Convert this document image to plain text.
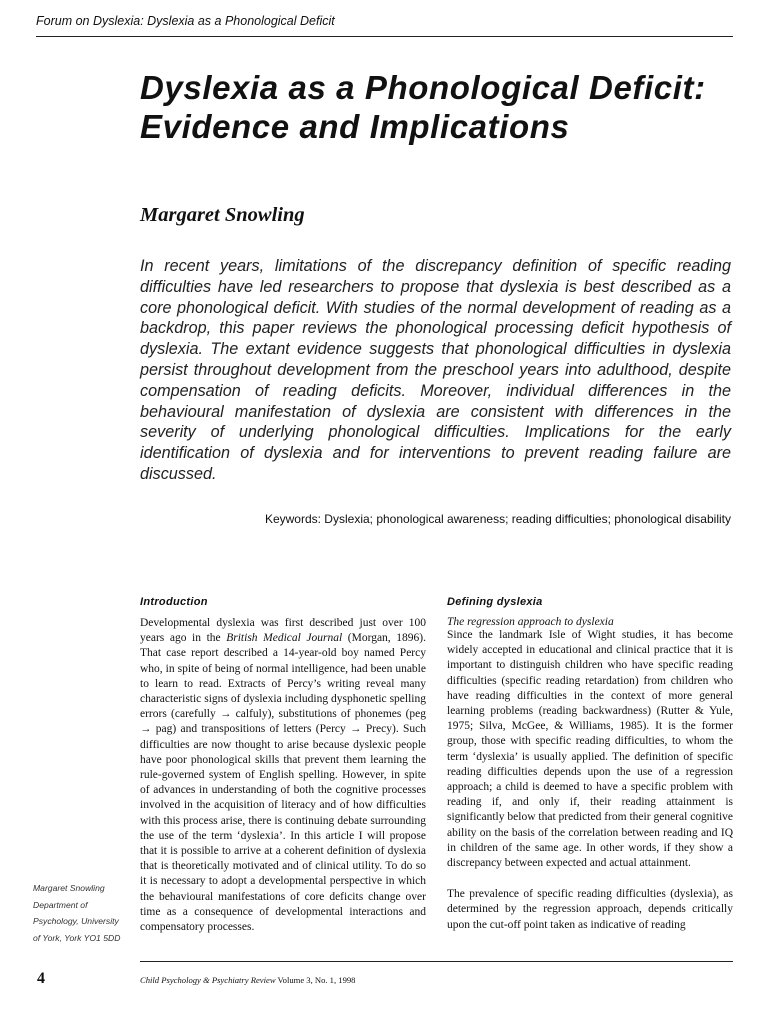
Forum on Dyslexia: Dyslexia as a Phonological Deficit
Dyslexia as a Phonological Deficit: Evidence and Implications
Margaret Snowling

In recent years, limitations of the discrepancy definition of specific reading difficulties have led researchers to propose that dyslexia is best described as a core phonological deficit. With studies of the normal development of reading as a backdrop, this paper reviews the phonological processing deficit hypothesis of dyslexia. The extant evidence suggests that phonological difficulties in dyslexia persist throughout development from the preschool years into adulthood, despite compensation of reading deficits. Moreover, individual differences in the behavioural manifestation of dyslexia are consistent with differences in the severity of underlying phonological difficulties. Implications for the early identification of dyslexia and for interventions to prevent reading failure are discussed.

Keywords: Dyslexia; phonological awareness; reading difficulties; phonological disability

Introduction

Developmental dyslexia was first described just over 100 years ago in the British Medical Journal (Morgan, 1896). That case report described a 14-year-old boy named Percy who, in spite of being of normal intelligence, had been unable to learn to read. Extracts of Percy’s writing reveal many characteristic signs of dyslexia including dysphonetic spelling errors (carefully → calfuly), substitutions of phonemes (peg → pag) and transpositions of letters (Percy → Precy). Such difficulties are now thought to arise because dyslexic people have poor phonological skills that prevent them learning the rule-governed system of English spelling. However, in spite of advances in understanding of both the cognitive processes involved in the acquisition of literacy and of how difficulties with this process arise, there is continuing debate surrounding the use of the term ‘dyslexia’. In this article I will propose that it is possible to arrive at a coherent definition of dyslexia that is theoretically motivated and of clinical utility. To do so it is necessary to adopt a developmental perspective in which the behavioural manifestations of core deficits change over time as a consequence of developmental interactions and compensatory processes.

Defining dyslexia

The regression approach to dyslexia

Since the landmark Isle of Wight studies, it has become widely accepted in educational and clinical practice that it is important to distinguish children who have specific reading difficulties (specific reading retardation) from children who have reading difficulties in the context of more general learning problems (reading backwardness) (Rutter & Yule, 1975; Silva, McGee, & Williams, 1985). It is the former group, those with specific reading difficulties, to whom the term ‘dyslexia’ is usually applied. The definition of specific reading difficulties depends upon the use of a regression approach; a child is deemed to have a specific problem with reading if, and only if, their reading attainment is significantly below that predicted from their general cognitive ability on the basis of the correlation between reading and IQ in children of the same age. In other words, if they show a discrepancy between expected and actual attainment.

The prevalence of specific reading difficulties (dyslexia), as determined by the regression approach, depends critically upon the cut-off point taken as indicative of reading

Margaret Snowling
Department of
Psychology, University
of York, York YO1 5DD
4	Child Psychology & Psychiatry Review Volume 3, No. 1, 1998
